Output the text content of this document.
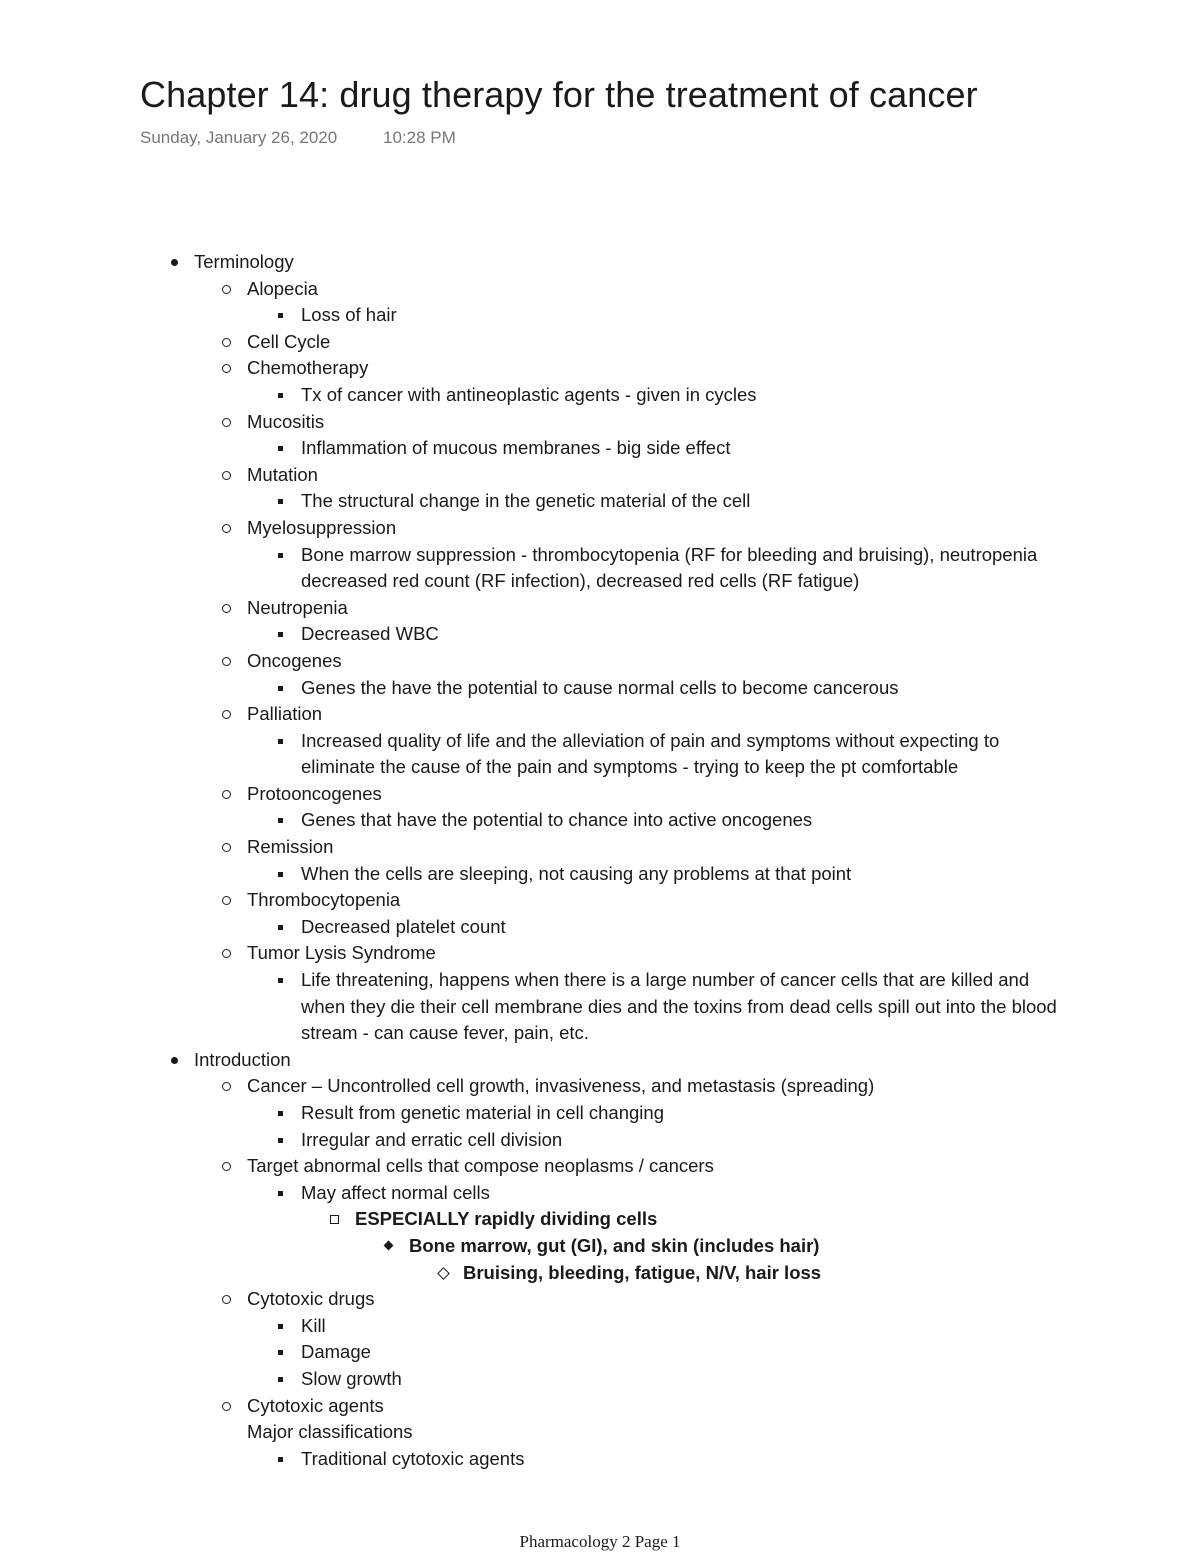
Chapter 14: drug therapy for the treatment of cancer
Sunday, January 26, 2020	10:28 PM
Terminology
Alopecia
Loss of hair
Cell Cycle
Chemotherapy
Tx of cancer with antineoplastic agents - given in cycles
Mucositis
Inflammation of mucous membranes - big side effect
Mutation
The structural change in the genetic material of the cell
Myelosuppression
Bone marrow suppression - thrombocytopenia (RF for bleeding and bruising), neutropenia decreased red count (RF infection), decreased red cells (RF fatigue)
Neutropenia
Decreased WBC
Oncogenes
Genes the have the potential to cause normal cells to become cancerous
Palliation
Increased quality of life and the alleviation of pain and symptoms without expecting to eliminate the cause of the pain and symptoms - trying to keep the pt comfortable
Protooncogenes
Genes that have the potential to chance into active oncogenes
Remission
When the cells are sleeping, not causing any problems at that point
Thrombocytopenia
Decreased platelet count
Tumor Lysis Syndrome
Life threatening, happens when there is a large number of cancer cells that are killed and when they die their cell membrane dies and the toxins from dead cells spill out into the blood stream - can cause fever, pain, etc.
Introduction
Cancer – Uncontrolled cell growth, invasiveness, and metastasis (spreading)
Result from genetic material in cell changing
Irregular and erratic cell division
Target abnormal cells that compose neoplasms / cancers
May affect normal cells
ESPECIALLY rapidly dividing cells
Bone marrow, gut (GI), and skin (includes hair)
Bruising, bleeding, fatigue, N/V, hair loss
Cytotoxic drugs
Kill
Damage
Slow growth
Cytotoxic agents
Major classifications
Traditional cytotoxic agents
Pharmacology 2 Page 1
